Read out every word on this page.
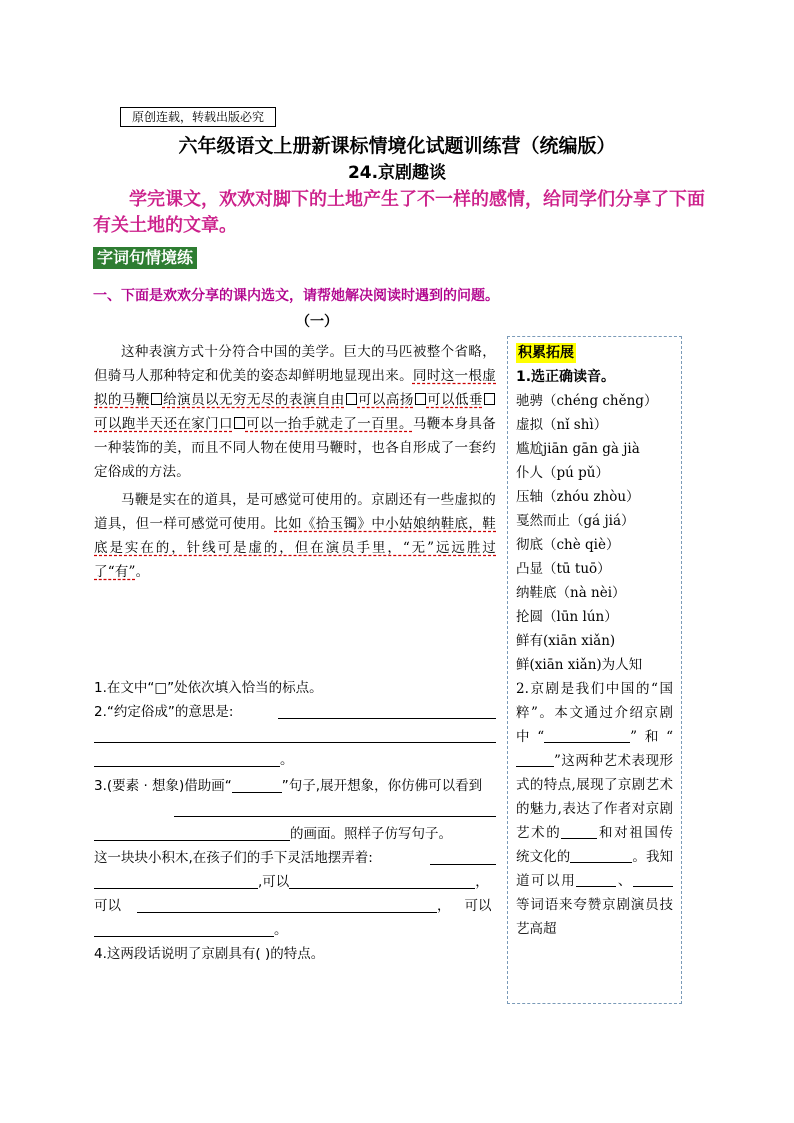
原创连载，转载出版必究
六年级语文上册新课标情境化试题训练营（统编版）
24.京剧趣谈
学完课文，欢欢对脚下的土地产生了不一样的感情，给同学们分享了下面有关土地的文章。
字词句情境练
一、下面是欢欢分享的课内选文，请帮她解决阅读时遇到的问题。
（一）

这种表演方式十分符合中国的美学。巨大的马匹被整个省略，但骑马人那种特定和优美的姿态却鲜明地显现出来。同时这一根虚拟的马鞭 给演员以无穷无尽的表演自由 可以高扬 可以低垂可以跑半天还在家门口 可以一抬手就走了一百里。马鞭本身具备一种装饰的美，而且不同人物在使用马鞭时，也各自形成了一套约定俗成的方法。

马鞭是实在的道具，是可感觉可使用的。京剧还有一些虚拟的道具，但一样可感觉可使用。比如《拾玉镯》中小姑娘纳鞋底，鞋底是实在的，针线可是虚的，但在演员手里，“无”远远胜过了“有”。

1.在文中“□”处依次填入恰当的标点。
2.“约定俗成”的意思是:
。
3.(要素 · 想象)借助画“	”句子,展开想象，你仿佛可以看到
的画面。照样子仿写句子。
这一块块小积木,在孩子们的手下灵活地摆弄着:
,可以	，
可以	， 可以
。
4.这两段话说明了京剧具有( )的特点。
积累拓展
1.选正确读音。
驰骋（chéng chěng）
虚拟（nǐ shì）
尴尬jiān gān gà jià
仆人（pú pǔ）
压轴（zhóu zhòu）
戛然而止（gá jiá）
彻底（chè qiè）
凸显（tū tuō）
纳鞋底（nà nèi）
抡圆（lūn lún）
鲜有(xiān xiǎn)
鲜(xiān xiǎn)为人知
2.京剧是我们中国的“国粹”。本文通过介绍京剧中“	”和“”这两种艺术表现形式的特点,展现了京剧艺术的魅力,表达了作者对京剧艺术的	和对祖国传统文化的	。我知道可以用	、等词语来夸赞京剧演员技艺高超
